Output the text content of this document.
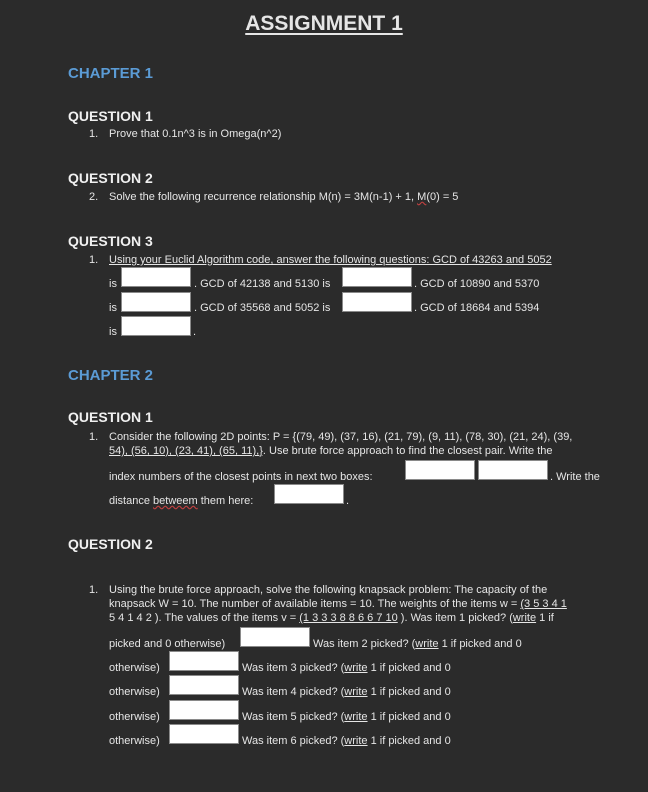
ASSIGNMENT 1
CHAPTER 1
QUESTION 1
1. Prove that 0.1n^3 is in Omega(n^2)
QUESTION 2
2. Solve the following recurrence relationship M(n) = 3M(n-1) + 1, M(0) = 5
QUESTION 3
1. Using your Euclid Algorithm code, answer the following questions: GCD of 43263 and 5052
is	. GCD of 42138 and 5130 is	. GCD of 10890 and 5370
is	. GCD of 35568 and 5052 is	. GCD of 18684 and 5394
is	.
CHAPTER 2
QUESTION 1
1. Consider the following 2D points: P = {(79, 49), (37, 16), (21, 79), (9, 11), (78, 30), (21, 24), (39,
54), (56, 10), (23, 41), (65, 11),}. Use brute force approach to find the closest pair. Write the
index numbers of the closest points in next two boxes:	. Write the
distance betweem them here:	.
QUESTION 2
1. Using the brute force approach, solve the following knapsack problem: The capacity of the
knapsack W = 10. The number of available items = 10. The weights of the items w = (3 5 3 4 1
5 4 1 4 2 ). The values of the items v = (1 3 3 3 8 8 6 6 7 10 ). Was item 1 picked? (write 1 if
picked and 0 otherwise)	Was item 2 picked? (write 1 if picked and 0
otherwise)	Was item 3 picked? (write 1 if picked and 0
otherwise)	Was item 4 picked? (write 1 if picked and 0
otherwise)	Was item 5 picked? (write 1 if picked and 0
otherwise)	Was item 6 picked? (write 1 if picked and 0
